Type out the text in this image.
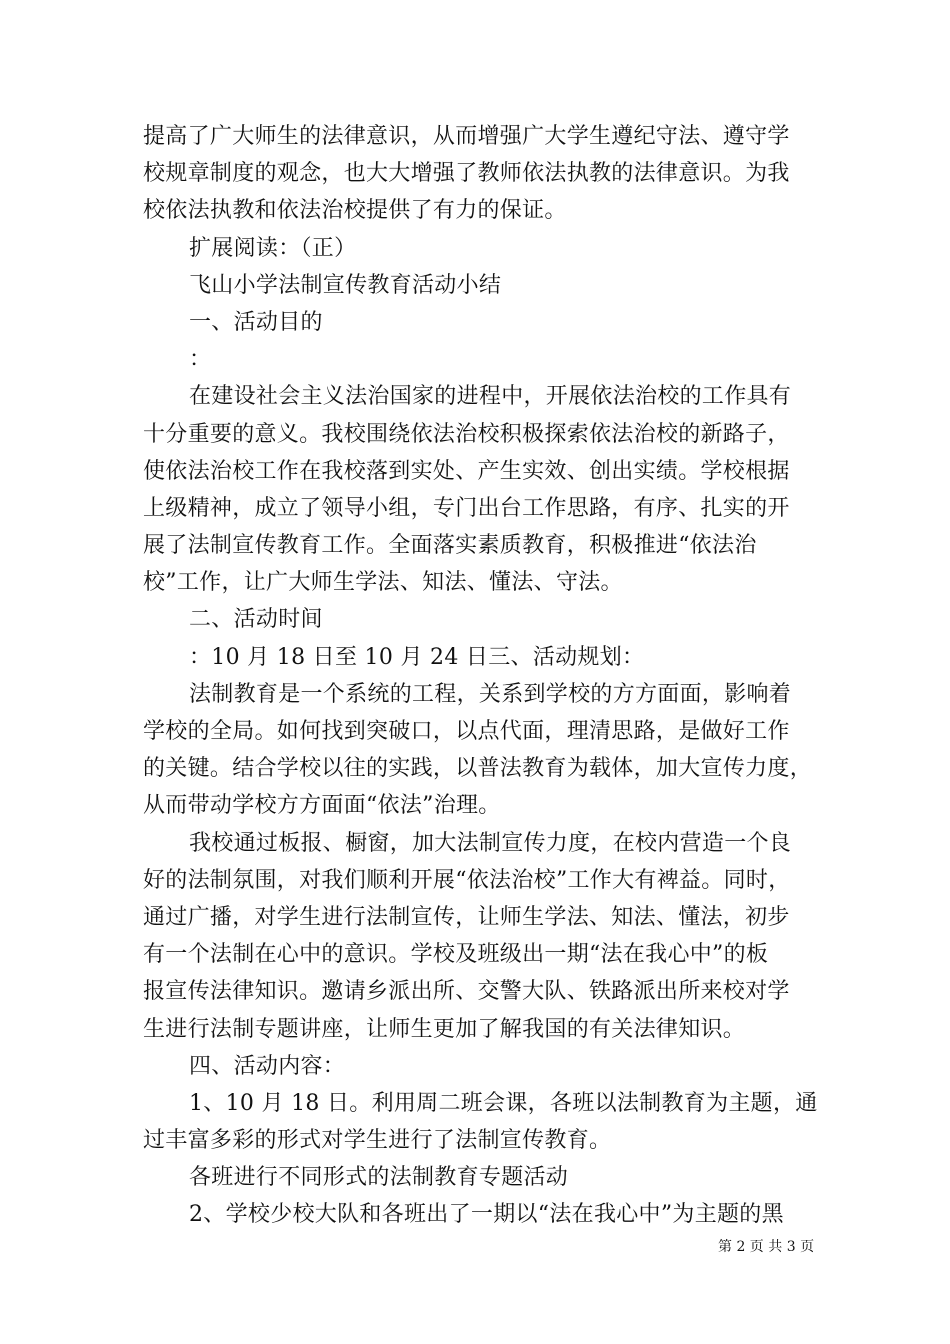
提高了广大师生的法律意识，从而增强广大学生遵纪守法、遵守学
校规章制度的观念，也大大增强了教师依法执教的法律意识。为我
校依法执教和依法治校提供了有力的保证。
扩展阅读：（正）
飞山小学法制宣传教育活动小结
一、活动目的
：
在建设社会主义法治国家的进程中，开展依法治校的工作具有
十分重要的意义。我校围绕依法治校积极探索依法治校的新路子，
使依法治校工作在我校落到实处、产生实效、创出实绩。学校根据
上级精神，成立了领导小组，专门出台工作思路，有序、扎实的开
展了法制宣传教育工作。全面落实素质教育，积极推进“依法治
校”工作，让广大师生学法、知法、懂法、守法。
二、活动时间
：10 月 18 日至 10 月 24 日三、活动规划：
法制教育是一个系统的工程，关系到学校的方方面面，影响着
学校的全局。如何找到突破口，以点代面，理清思路，是做好工作
的关键。结合学校以往的实践，以普法教育为载体，加大宣传力度，
从而带动学校方方面面“依法”治理。
我校通过板报、橱窗，加大法制宣传力度，在校内营造一个良
好的法制氛围，对我们顺利开展“依法治校”工作大有裨益。同时，
通过广播，对学生进行法制宣传，让师生学法、知法、懂法，初步
有一个法制在心中的意识。学校及班级出一期“法在我心中”的板
报宣传法律知识。邀请乡派出所、交警大队、铁路派出所来校对学
生进行法制专题讲座，让师生更加了解我国的有关法律知识。
四、活动内容：
1、10 月 18 日。利用周二班会课，各班以法制教育为主题，通
过丰富多彩的形式对学生进行了法制宣传教育。
各班进行不同形式的法制教育专题活动
2、学校少校大队和各班出了一期以“法在我心中”为主题的黑
第 2 页 共 3 页
